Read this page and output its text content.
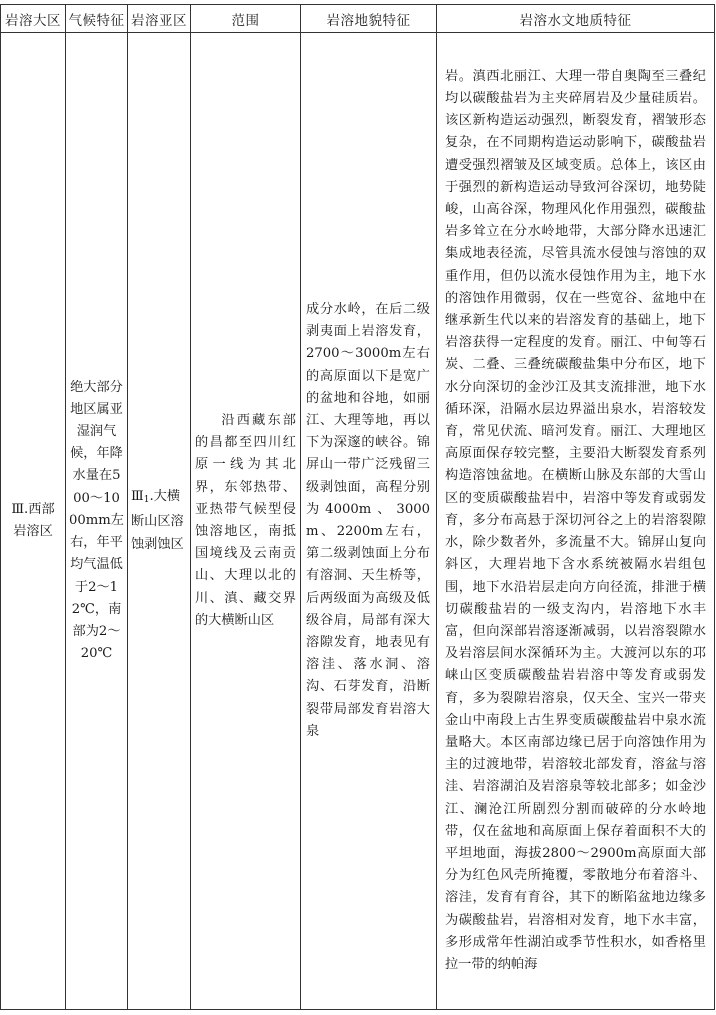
岩溶大区	气候特征	岩溶亚区	范围	岩溶地貌特征	岩溶水文地质特征

Ⅲ.西部岩溶区	绝大部分地区属亚湿润气候，年降水量在500～1000mm左右，年平均气温低于2～12℃，南部为2～20℃	$Ⅲ_1$.大横断山区溶蚀剥蚀区	沿西藏东部的昌都至四川红原一线为其北界，东邻热带、亚热带气候型侵蚀溶地区，南抵国境线及云南贡山、大理以北的川、滇、藏交界的大横断山区	成分水岭，在后二级剥夷面上岩溶发育，2700～3000m左右的高原面以下是宽广的盆地和谷地，如丽江、大理等地，再以下为深邃的峡谷。锦屏山一带广泛残留三级剥蚀面，高程分别为4000m、3000m、2200m左右，第二级剥蚀面上分布有溶洞、天生桥等，后两级面为高级及低级谷肩，局部有深大溶隙发育，地表见有溶洼、落水洞、溶沟、石芽发育，沿断裂带局部发育岩溶大泉	岩。滇西北丽江、大理一带自奥陶至三叠纪均以碳酸盐岩为主夹碎屑岩及少量硅质岩。该区新构造运动强烈，断裂发育，褶皱形态复杂，在不同期构造运动影响下，碳酸盐岩遭受强烈褶皱及区域变质。总体上，该区由于强烈的新构造运动导致河谷深切，地势陡峻，山高谷深，物理风化作用强烈，碳酸盐岩多耸立在分水岭地带，大部分降水迅速汇集成地表径流，尽管具流水侵蚀与溶蚀的双重作用，但仍以流水侵蚀作用为主，地下水的溶蚀作用微弱，仅在一些宽谷、盆地中在继承新生代以来的岩溶发育的基础上，地下岩溶获得一定程度的发育。丽江、中甸等石炭、二叠、三叠统碳酸盐集中分布区，地下水分向深切的金沙江及其支流排泄，地下水循环深，沿隔水层边界溢出泉水，岩溶较发育，常见伏流、暗河发育。丽江、大理地区高原面保存较完整，主要沿大断裂发育系列构造溶蚀盆地。在横断山脉及东部的大雪山区的变质碳酸盐岩中，岩溶中等发育或弱发育，多分布高悬于深切河谷之上的岩溶裂隙水，除少数者外，多流量不大。锦屏山复向斜区，大理岩地下含水系统被隔水岩组包围，地下水沿岩层走向方向径流，排泄于横切碳酸盐岩的一级支沟内，岩溶地下水丰富，但向深部岩溶逐渐减弱，以岩溶裂隙水及岩溶层间水深循环为主。大渡河以东的邛崃山区变质碳酸盐岩岩溶中等发育或弱发育，多为裂隙岩溶泉，仅天全、宝兴一带夹金山中南段上古生界变质碳酸盐岩中泉水流量略大。本区南部边缘已居于向溶蚀作用为主的过渡地带，岩溶较北部发育，溶盆与溶洼、岩溶湖泊及岩溶泉等较北部多；如金沙江、澜沧江所剧烈分割而破碎的分水岭地带，仅在盆地和高原面上保存着面积不大的平坦地面，海拔2800～2900m高原面大部分为红色风壳所掩覆，零散地分布着溶斗、溶洼，发育有育谷，其下的断陷盆地边缘多为碳酸盐岩，岩溶相对发育，地下水丰富，多形成常年性湖泊或季节性积水，如香格里拉一带的纳帕海
